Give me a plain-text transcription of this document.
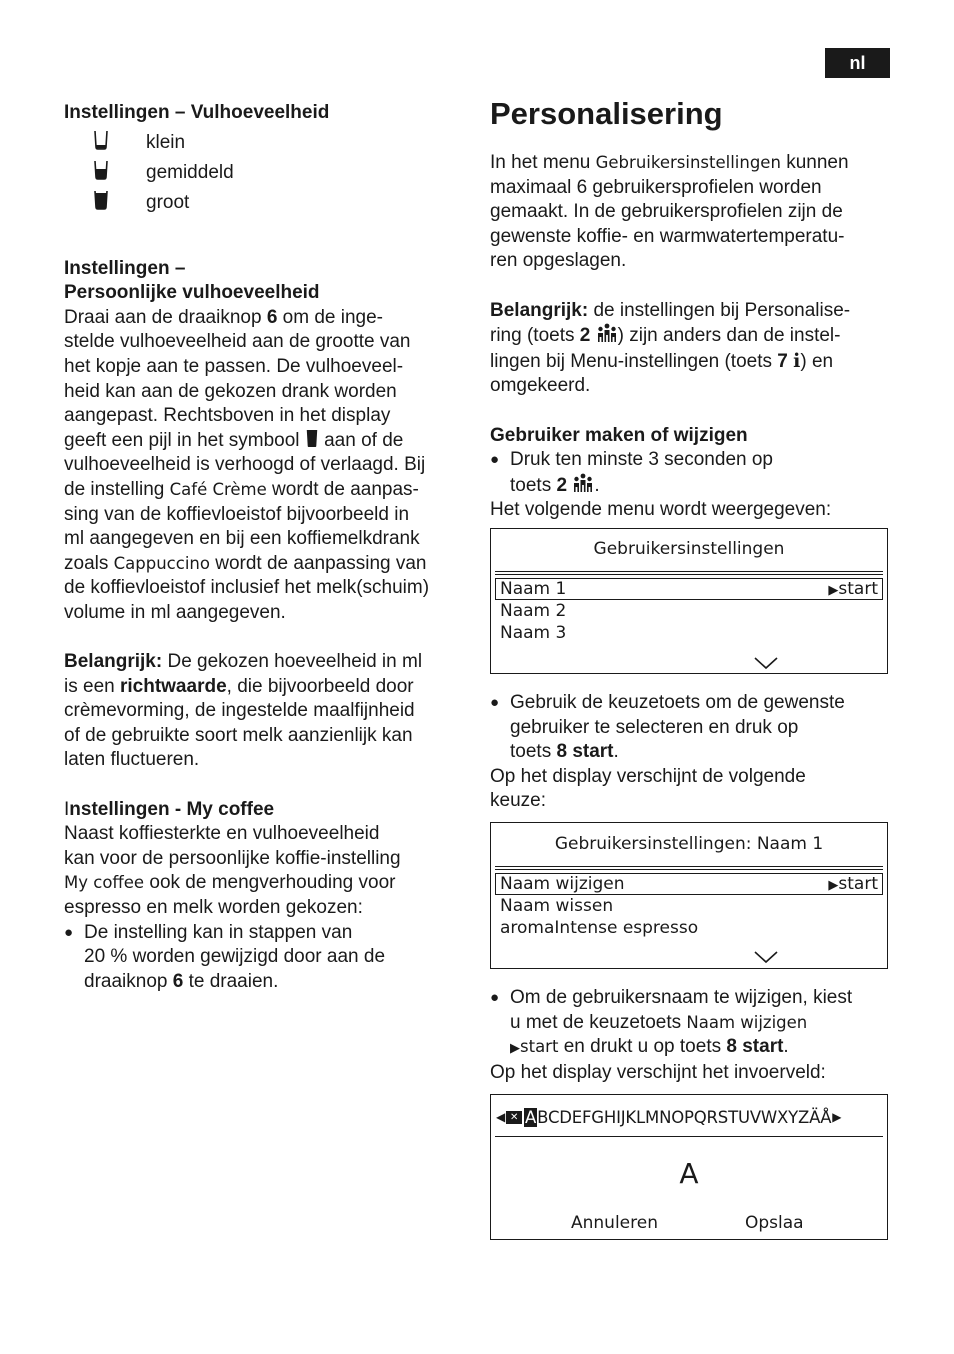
nl

Instellingen – Vulhoeveelheid

klein
gemiddeld
groot

Instellingen –
Persoonlijke vulhoeveelheid

Draai aan de draaiknop 6 om de inge-
stelde vulhoeveelheid aan de grootte van
het kopje aan te passen. De vulhoeveel-
heid kan aan de gekozen drank worden
aangepast. Rechtsboven in het display
geeft een pijl in het symbool  aan of de
vulhoeveelheid is verhoogd of verlaagd. Bij
de instelling Café Crème wordt de aanpas-
sing van de koffievloeistof bijvoorbeeld in
ml aangegeven en bij een koffiemelkdrank
zoals Cappuccino wordt de aanpassing van
de koffievloeistof inclusief het melk(schuim)
volume in ml aangegeven.

Belangrijk: De gekozen hoeveelheid in ml
is een richtwaarde, die bijvoorbeeld door
crèmevorming, de ingestelde maalfijnheid
of de gebruikte soort melk aanzienlijk kan
laten fluctueren.

Instellingen - My coffee

Naast koffiesterkte en vulhoeveelheid
kan voor de persoonlijke koffie-instelling
My coffee ook de mengverhouding voor
espresso en melk worden gekozen:

● De instelling kan in stappen van
20 % worden gewijzigd door aan de
draaiknop 6 te draaien.

Personalisering

In het menu Gebruikersinstellingen kunnen
maximaal 6 gebruikersprofielen worden
gemaakt. In de gebruikersprofielen zijn de
gewenste koffie- en warmwatertemperatu-
ren opgeslagen.

Belangrijk: de instellingen bij Personalise-
ring (toets 2 ) zijn anders dan de instel-
lingen bij Menu-instellingen (toets 7 i) en
omgekeerd.

Gebruiker maken of wijzigen

● Druk ten minste 3 seconden op
toets 2 .

Het volgende menu wordt weergegeven:

Gebruikersinstellingen
Naam 1	▶start
Naam 2
Naam 3

● Gebruik de keuzetoets om de gewenste
gebruiker te selecteren en druk op
toets 8 start.

Op het display verschijnt de volgende
keuze:

Gebruikersinstellingen: Naam 1
Naam wijzigen	▶start
Naam wissen
aromaIntense espresso

● Om de gebruikersnaam te wijzigen, kiest
u met de keuzetoets Naam wijzigen
▶start en drukt u op toets 8 start.

Op het display verschijnt het invoerveld:

◀ ✕ A BCDEFGHIJKLMNOPQRSTUVWXYZÄÅ ▶
A
Annuleren	Opslaa
